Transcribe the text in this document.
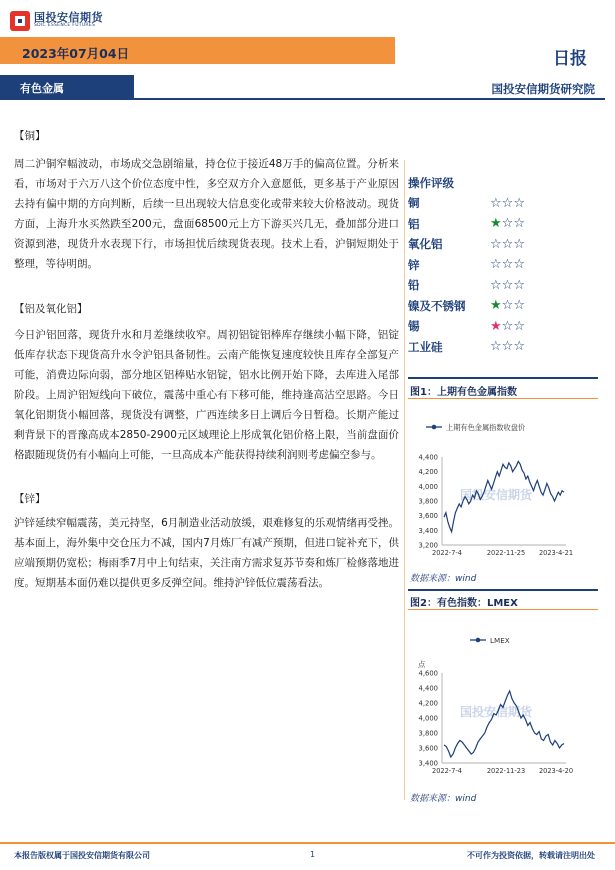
国投安信期货
SDIC ESSENCE FUTURES
2023年07月04日	日报
有色金属	国投安信期货研究院
【铜】

周二沪铜窄幅波动，市场成交急剧缩量，持仓位于接近48万手的偏高位置。分析来看，市场对于六万八这个价位态度中性，多空双方介入意愿低，更多基于产业原因去持有偏中期的方向判断，后续一旦出现较大信息变化或带来较大价格波动。现货方面，上海升水买然跌至200元，盘面68500元上方下游买兴几无，叠加部分进口资源到港，现货升水表现下行，市场担忧后续现货表现。技术上看，沪铜短期处于整理，等待明朗。

【铝及氧化铝】

今日沪铝回落，现货升水和月差继续收窄。周初铝锭铝棒库存继续小幅下降，铝锭低库存状态下现货高升水令沪铝具备韧性。云南产能恢复速度较快且库存全部复产可能，消费边际向弱，部分地区铝棒贴水铝锭，铝水比例开始下降，去库进入尾部阶段。上周沪铝短线向下破位，震荡中重心有下移可能，维持逢高沽空思路。今日氧化铝期货小幅回落，现货没有调整，广西连续多日上调后今日暂稳。长期产能过剩背景下的晋豫高成本2850-2900元区域理论上彤成氧化铝价格上限，当前盘面价格跟随现货仍有小幅向上可能，一旦高成本产能获得持续利润则考虑偏空参与。

【锌】

沪锌延续窄幅震荡，美元持坚，6月制造业活动放缓，艰难修复的乐观情绪再受挫。基本面上，海外集中交仓压力不减，国内7月炼厂有减产预期，但进口锭补充下，供应端预期仍宽松；梅雨季7月中上旬结束，关注南方需求复苏节奏和炼厂检修落地进度。短期基本面仍难以提供更多反弹空间。维持沪锌低位震荡看法。

操作评级
铜	☆☆☆
铝	★☆☆
氧化铝	☆☆☆
锌	☆☆☆
铅	☆☆☆
镍及不锈钢	★☆☆
锡	★☆☆
工业硅	☆☆☆
图1：上期有色金属指数
上期有色金属指数收盘价
国投安信期货
4,400
4,200
4,000
3,800
3,600
3,400
3,200
2022-7-4	2022-11-25 2023-4-21
数据来源：wind
图2：有色指数：LMEX
LMEX
点
国投安信期货
4,600
4,400
4,200
4,000
3,800
3,600
3,400
2022-7-4	2022-11-23 2023-4-20
数据来源：wind
本报告版权属于国投安信期货有限公司	1	不可作为投资依据，转载请注明出处
